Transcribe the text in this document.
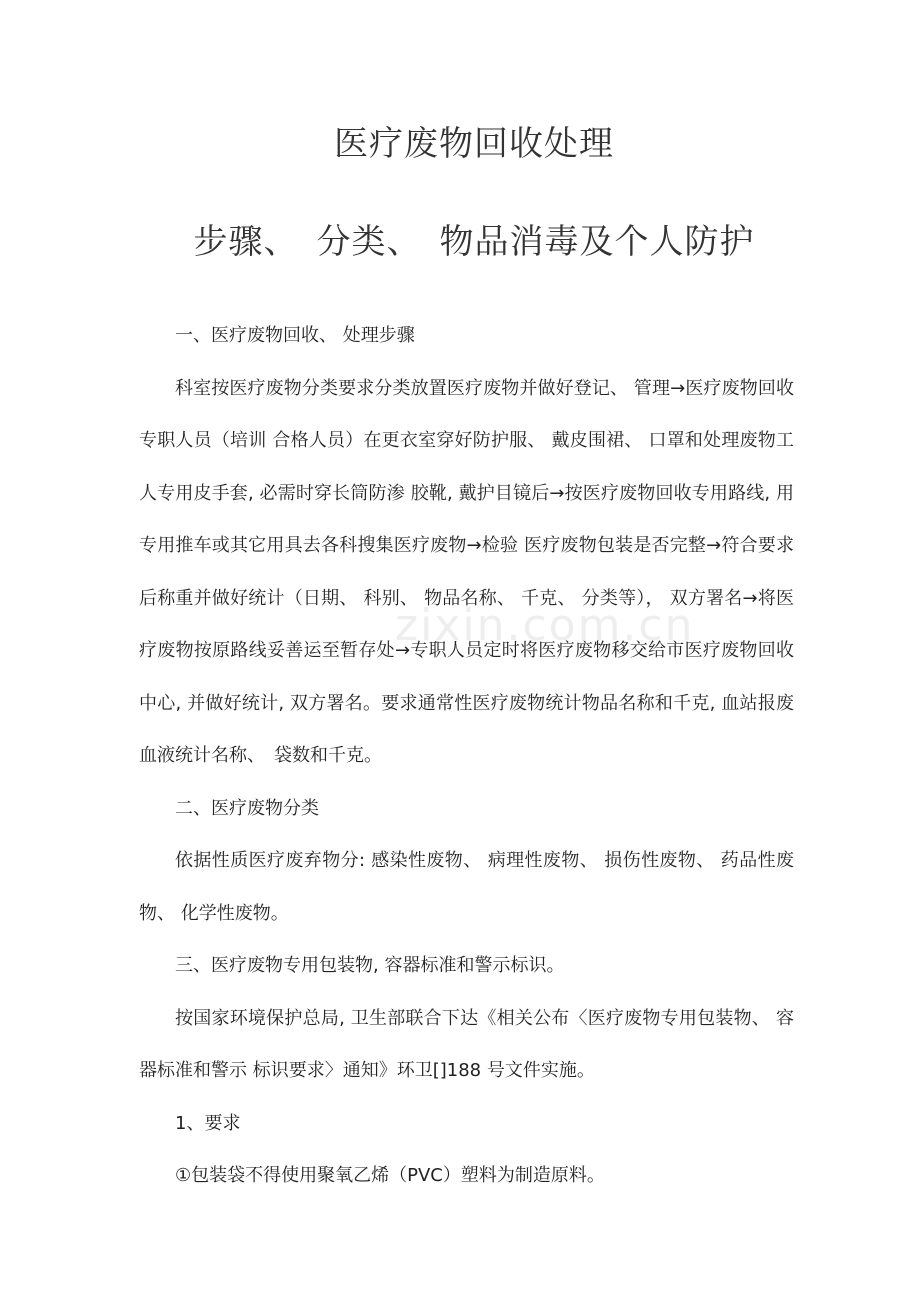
zixin.com.cn
医疗废物回收处理
步骤、　分类、　物品消毒及个人防护

一、医疗废物回收、 处理步骤

科室按医疗废物分类要求分类放置医疗废物并做好登记、 管理→医疗废物回收专职人员（培训 合格人员）在更衣室穿好防护服、 戴皮围裙、 口罩和处理废物工人专用皮手套, 必需时穿长筒防渗 胶靴, 戴护目镜后→按医疗废物回收专用路线, 用专用推车或其它用具去各科搜集医疗废物→检验 医疗废物包装是否完整→符合要求后称重并做好统计（日期、 科别、 物品名称、 千克、 分类等）， 双方署名→将医疗废物按原路线妥善运至暂存处→专职人员定时将医疗废物移交给市医疗废物回收 中心, 并做好统计, 双方署名。要求通常性医疗废物统计物品名称和千克, 血站报废血液统计名称、　袋数和千克。

二、医疗废物分类

依据性质医疗废弃物分: 感染性废物、 病理性废物、 损伤性废物、 药品性废物、 化学性废物。

三、医疗废物专用包装物, 容器标准和警示标识。

按国家环境保护总局, 卫生部联合下达《相关公布〈医疗废物专用包装物、 容器标准和警示 标识要求〉通知》环卫[]188 号文件实施。

1、要求

①包装袋不得使用聚氧乙烯（PVC）塑料为制造原料。
